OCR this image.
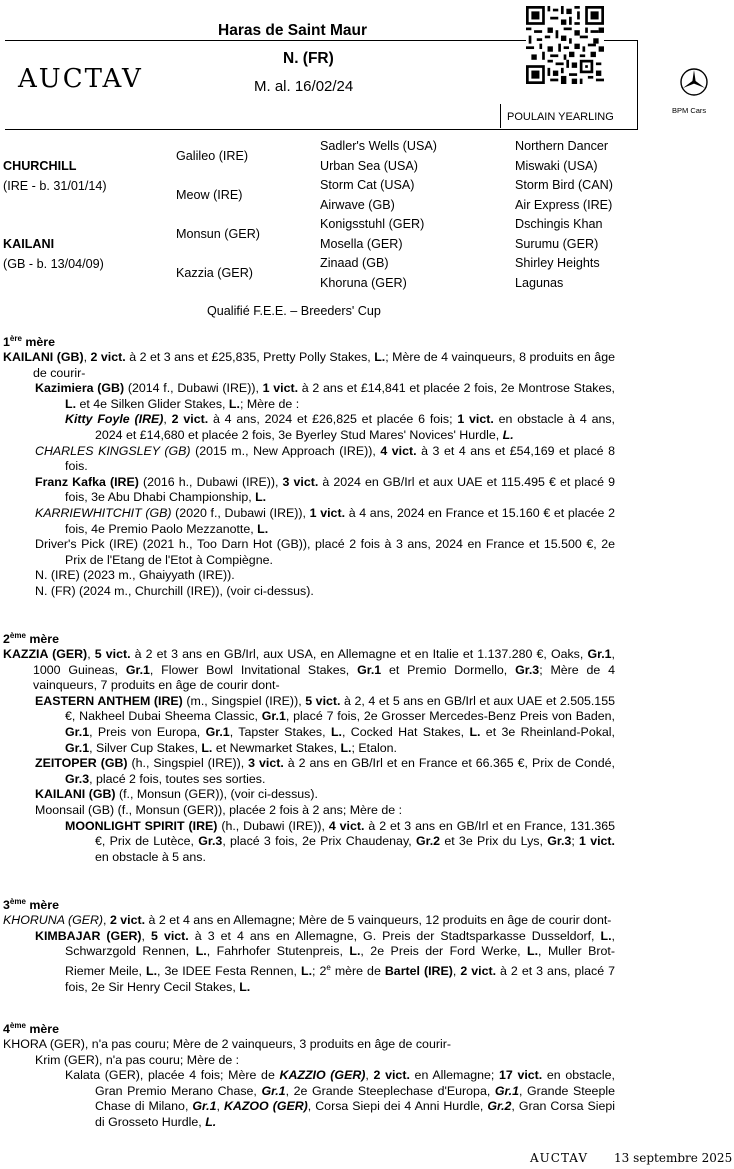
Haras de Saint Maur
N. (FR)
M. al. 16/02/24
AUCTAV
POULAIN YEARLING
BPM Cars
CHURCHILL
(IRE - b. 31/01/14)
KAILANI
(GB - b. 13/04/09)
Galileo (IRE)
Meow (IRE)
Monsun (GER)
Kazzia (GER)
Sadler's Wells (USA)
Urban Sea (USA)
Storm Cat (USA)
Airwave (GB)
Konigsstuhl (GER)
Mosella (GER)
Zinaad (GB)
Khoruna (GER)
Northern Dancer
Miswaki (USA)
Storm Bird (CAN)
Air Express (IRE)
Dschingis Khan
Surumu (GER)
Shirley Heights
Lagunas
Qualifié F.E.E. – Breeders' Cup
1ère mère

KAILANI (GB), 2 vict. à 2 et 3 ans et £25,835, Pretty Polly Stakes, L.; Mère de 4 vainqueurs, 8 produits en âge de courir-

Kazimiera (GB) (2014 f., Dubawi (IRE)), 1 vict. à 2 ans et £14,841 et placée 2 fois, 2e Montrose Stakes, L. et 4e Silken Glider Stakes, L.; Mère de :

Kitty Foyle (IRE), 2 vict. à 4 ans, 2024 et £26,825 et placée 6 fois; 1 vict. en obstacle à 4 ans, 2024 et £14,680 et placée 2 fois, 3e Byerley Stud Mares' Novices' Hurdle, L.

CHARLES KINGSLEY (GB) (2015 m., New Approach (IRE)), 4 vict. à 3 et 4 ans et £54,169 et placé 8 fois.

Franz Kafka (IRE) (2016 h., Dubawi (IRE)), 3 vict. à 2024 en GB/Irl et aux UAE et 115.495 € et placé 9 fois, 3e Abu Dhabi Championship, L.

KARRIEWHITCHIT (GB) (2020 f., Dubawi (IRE)), 1 vict. à 4 ans, 2024 en France et 15.160 € et placée 2 fois, 4e Premio Paolo Mezzanotte, L.

Driver's Pick (IRE) (2021 h., Too Darn Hot (GB)), placé 2 fois à 3 ans, 2024 en France et 15.500 €, 2e Prix de l'Etang de l'Etot à Compiègne.

N. (IRE) (2023 m., Ghaiyyath (IRE)).

N. (FR) (2024 m., Churchill (IRE)), (voir ci-dessus).

2ème mère

KAZZIA (GER), 5 vict. à 2 et 3 ans en GB/Irl, aux USA, en Allemagne et en Italie et 1.137.280 €, Oaks, Gr.1, 1000 Guineas, Gr.1, Flower Bowl Invitational Stakes, Gr.1 et Premio Dormello, Gr.3; Mère de 4 vainqueurs, 7 produits en âge de courir dont-

EASTERN ANTHEM (IRE) (m., Singspiel (IRE)), 5 vict. à 2, 4 et 5 ans en GB/Irl et aux UAE et 2.505.155 €, Nakheel Dubai Sheema Classic, Gr.1, placé 7 fois, 2e Grosser Mercedes-Benz Preis von Baden, Gr.1, Preis von Europa, Gr.1, Tapster Stakes, L., Cocked Hat Stakes, L. et 3e Rheinland-Pokal, Gr.1, Silver Cup Stakes, L. et Newmarket Stakes, L.; Etalon.

ZEITOPER (GB) (h., Singspiel (IRE)), 3 vict. à 2 ans en GB/Irl et en France et 66.365 €, Prix de Condé, Gr.3, placé 2 fois, toutes ses sorties.

KAILANI (GB) (f., Monsun (GER)), (voir ci-dessus).

Moonsail (GB) (f., Monsun (GER)), placée 2 fois à 2 ans; Mère de :

MOONLIGHT SPIRIT (IRE) (h., Dubawi (IRE)), 4 vict. à 2 et 3 ans en GB/Irl et en France, 131.365 €, Prix de Lutèce, Gr.3, placé 3 fois, 2e Prix Chaudenay, Gr.2 et 3e Prix du Lys, Gr.3; 1 vict. en obstacle à 5 ans.

3ème mère

KHORUNA (GER), 2 vict. à 2 et 4 ans en Allemagne; Mère de 5 vainqueurs, 12 produits en âge de courir dont-

KIMBAJAR (GER), 5 vict. à 3 et 4 ans en Allemagne, G. Preis der Stadtsparkasse Dusseldorf, L., Schwarzgold Rennen, L., Fahrhofer Stutenpreis, L., 2e Preis der Ford Werke, L., Muller Brot-Riemer Meile, L., 3e IDEE Festa Rennen, L.; 2e mère de Bartel (IRE), 2 vict. à 2 et 3 ans, placé 7 fois, 2e Sir Henry Cecil Stakes, L.

4ème mère

KHORA (GER), n'a pas couru; Mère de 2 vainqueurs, 3 produits en âge de courir-

Krim (GER), n'a pas couru; Mère de :

Kalata (GER), placée 4 fois; Mère de KAZZIO (GER), 2 vict. en Allemagne; 17 vict. en obstacle, Gran Premio Merano Chase, Gr.1, 2e Grande Steeplechase d'Europa, Gr.1, Grande Steeple Chase di Milano, Gr.1, KAZOO (GER), Corsa Siepi dei 4 Anni Hurdle, Gr.2, Gran Corsa Siepi di Grosseto Hurdle, L.

AUCTAV 13 septembre 2025
